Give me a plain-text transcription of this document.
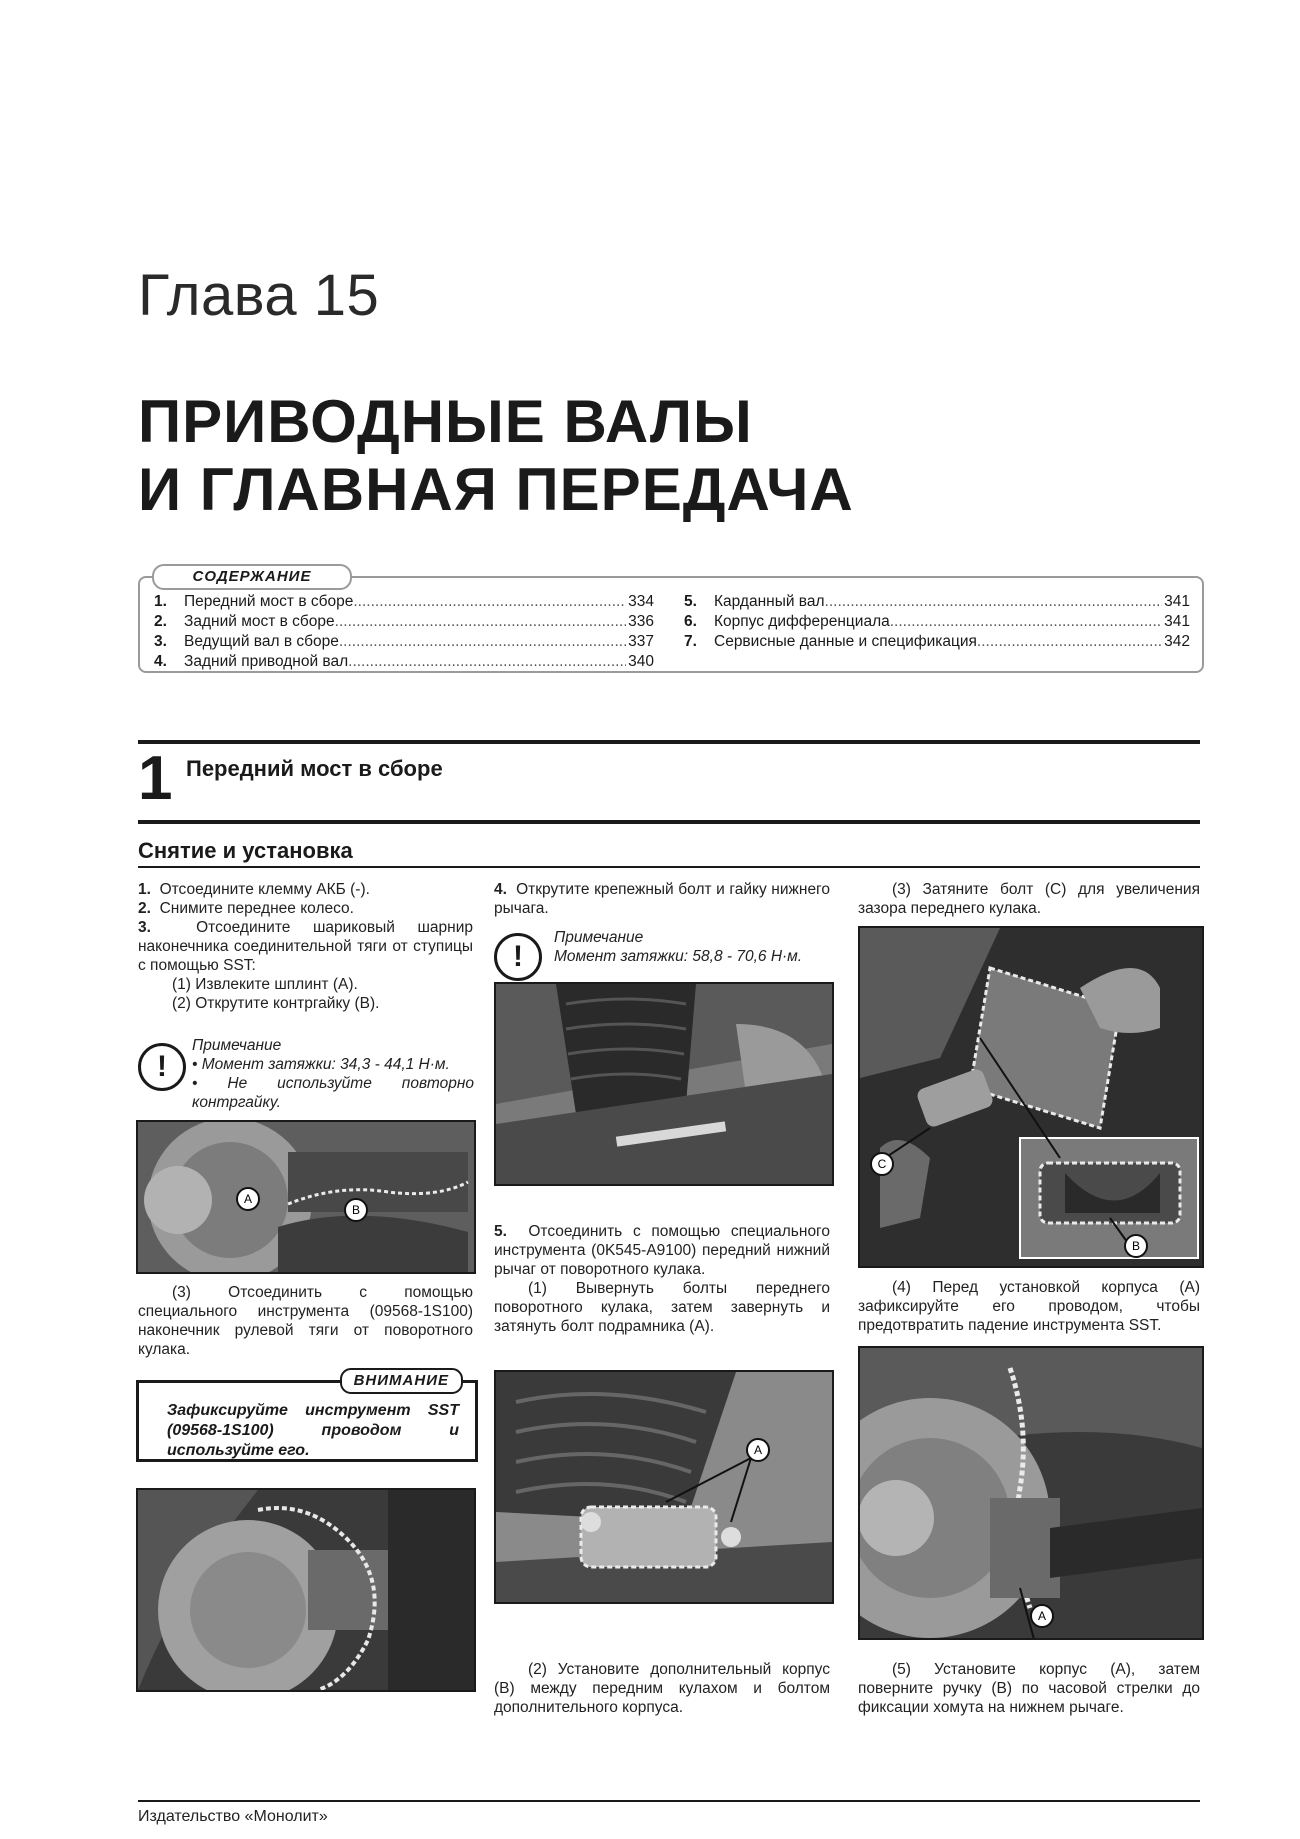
Глава 15
ПРИВОДНЫЕ ВАЛЫ
И ГЛАВНАЯ ПЕРЕДАЧА
СОДЕРЖАНИЕ
1.	Передний мост в сборе .....	334
2.	Задний мост в сборе .....	336
3.	Ведущий вал в сборе .....	337
4.	Задний приводной вал .....	340
5.	Карданный вал .....	341
6.	Корпус дифференциала .....	341
7.	Сервисные данные и спецификация .....	342
1 Передний мост в сборе
Снятие и установка

1. Отсоедините клемму АКБ (-).

2. Снимите переднее колесо.

3.	Отсоедините шариковый шарнир наконечника соединительной тяги от ступицы с помощью SST:

(1) Извлеките шплинт (А).

(2) Открутите контргайку (В).

!
Примечание
• Момент затяжки: 34,3 - 44,1 Н·м.
• Не используйте повторно контргайку.
A
B
(3) Отсоединить с помощью специального инструмента (09568-1S100) наконечник рулевой тяги от поворотного кулака.
ВНИМАНИЕ
Зафиксируйте инструмент SST (09568-1S100) проводом и используйте его.

4. Открутите крепежный болт и гайку нижнего рычага.

!
Примечание
Момент затяжки: 58,8 - 70,6 Н·м.

5. Отсоединить с помощью специального инструмента (0K545-A9100) передний нижний рычаг от поворотного кулака.

(1) Вывернуть болты переднего поворотного кулака, затем завернуть и затянуть болт подрамника (А).

A
(2) Установите дополнительный корпус (В) между передним кулахом и болтом дополнительного корпуса.
(3) Затяните болт (С) для увеличения зазора переднего кулака.
C
B
(4) Перед установкой корпуса (А) зафиксируйте его проводом, чтобы предотвратить падение инструмента SST.
A
(5) Установите корпус (А), затем поверните ручку (В) по часовой стрелки до фиксации хомута на нижнем рычаге.
Издательство «Монолит»
